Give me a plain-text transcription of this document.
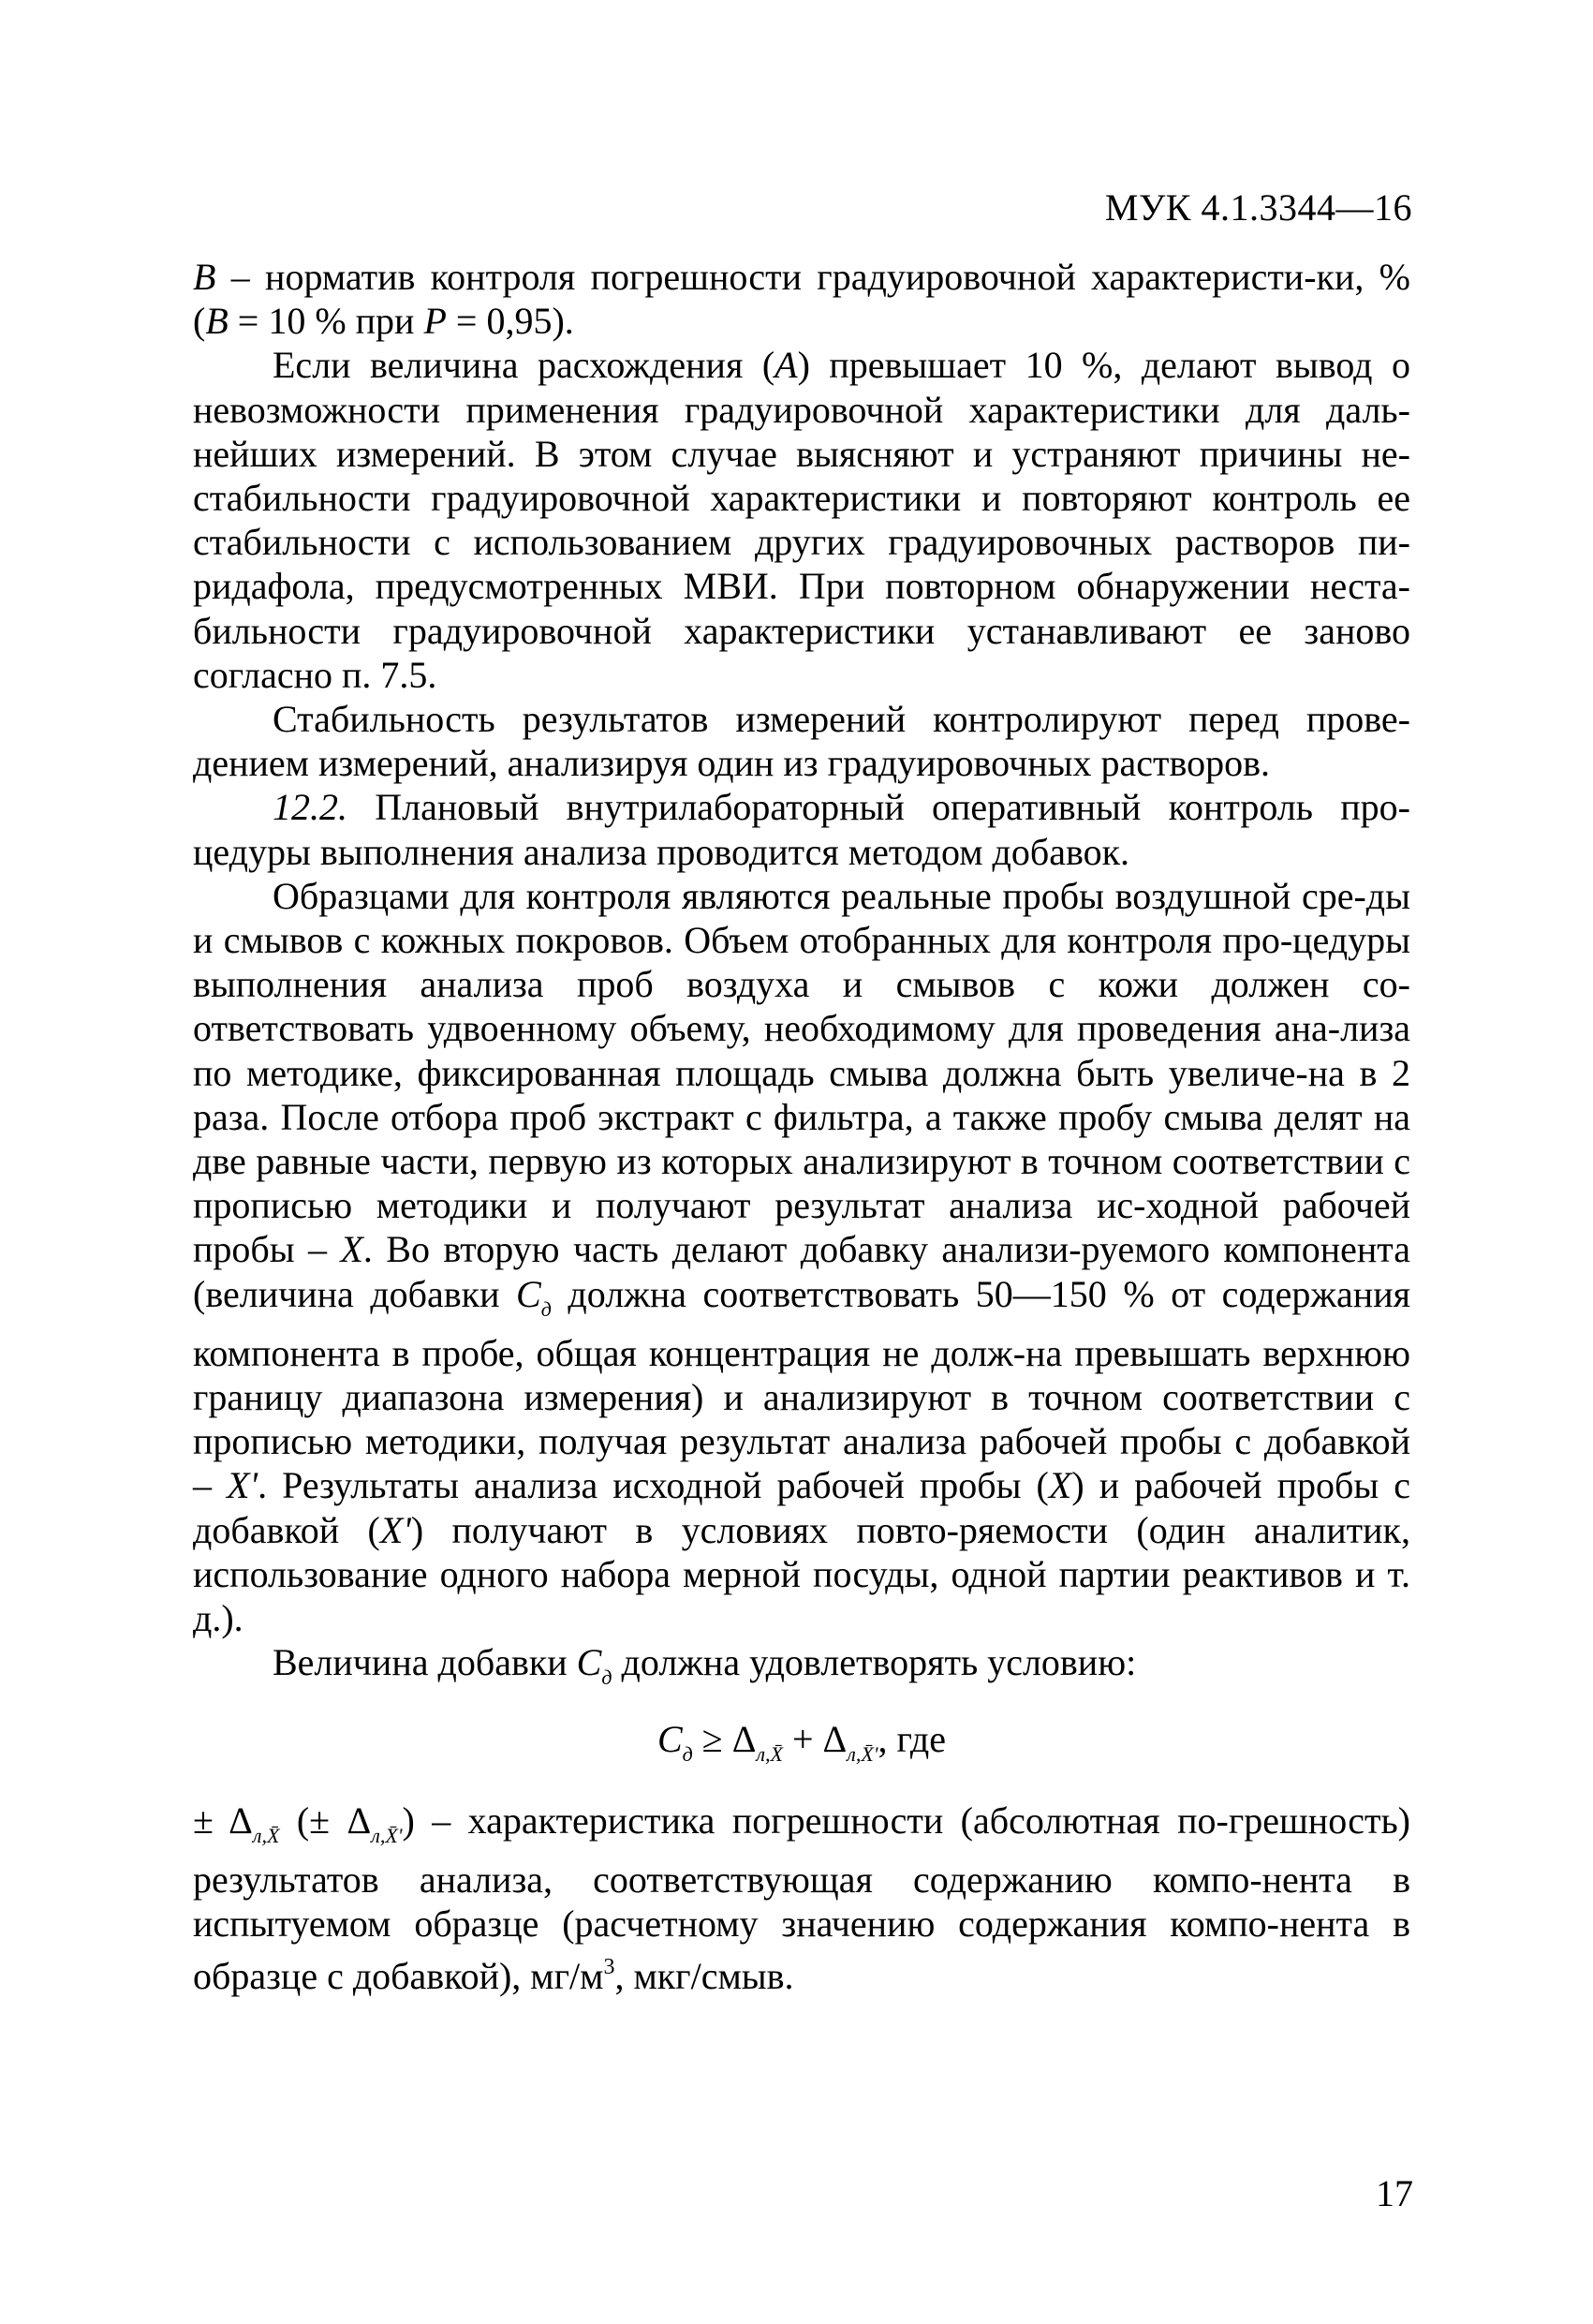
МУК 4.1.3344—16

B – норматив контроля погрешности градуировочной характеристи-ки, % (B = 10 % при P = 0,95).

Если величина расхождения (A) превышает 10 %, делают вывод о невозможности применения градуировочной характеристики для даль-нейших измерений. В этом случае выясняют и устраняют причины не-стабильности градуировочной характеристики и повторяют контроль ее стабильности с использованием других градуировочных растворов пи-ридафола, предусмотренных МВИ. При повторном обнаружении неста-бильности градуировочной характеристики устанавливают ее заново согласно п. 7.5.

Стабильность результатов измерений контролируют перед прове-дением измерений, анализируя один из градуировочных растворов.

12.2. Плановый внутрилабораторный оперативный контроль про-цедуры выполнения анализа проводится методом добавок.

Образцами для контроля являются реальные пробы воздушной сре-ды и смывов с кожных покровов. Объем отобранных для контроля про-цедуры выполнения анализа проб воздуха и смывов с кожи должен со-ответствовать удвоенному объему, необходимому для проведения ана-лиза по методике, фиксированная площадь смыва должна быть увеличе-на в 2 раза. После отбора проб экстракт с фильтра, а также пробу смыва делят на две равные части, первую из которых анализируют в точном соответствии с прописью методики и получают результат анализа ис-ходной рабочей пробы – X. Во вторую часть делают добавку анализи-руемого компонента (величина добавки $C_д$ должна соответствовать 50—150 % от содержания компонента в пробе, общая концентрация не долж-на превышать верхнюю границу диапазона измерения) и анализируют в точном соответствии с прописью методики, получая результат анализа рабочей пробы с добавкой – X'. Результаты анализа исходной рабочей пробы (X) и рабочей пробы с добавкой (X') получают в условиях повто-ряемости (один аналитик, использование одного набора мерной посуды, одной партии реактивов и т. д.).

Величина добавки $C_д$ должна удовлетворять условию:

$C_д \ge \Delta_{л,X̄} + \Delta_{л,X̄'}$, где

± $\Delta_{л,X̄}$ (± $\Delta_{л,X̄'}$) – характеристика погрешности (абсолютная по-грешность) результатов анализа, соответствующая содержанию компо-нента в испытуемом образце (расчетному значению содержания компо-нента в образце с добавкой), $мг/м^3$, мкг/смыв.

17
